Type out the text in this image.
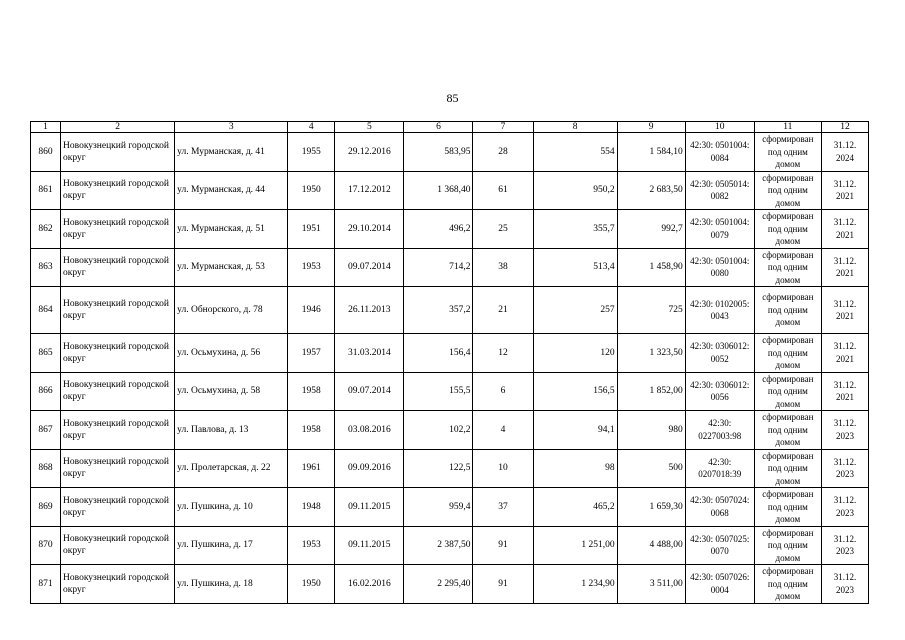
85
1	2	3	4	5	6	7	8	9	10	11	12
860	Новокузнецкий городской округ	ул. Мурманская, д. 41	1955	29.12.2016	583,95	28	554	1 584,10	42:30: 0501004: 0084	сформирован под одним домом	31.12. 2024
861	Новокузнецкий городской округ	ул. Мурманская, д. 44	1950	17.12.2012	1 368,40	61	950,2	2 683,50	42:30: 0505014: 0082	сформирован под одним домом	31.12. 2021
862	Новокузнецкий городской округ	ул. Мурманская, д. 51	1951	29.10.2014	496,2	25	355,7	992,7	42:30: 0501004: 0079	сформирован под одним домом	31.12. 2021
863	Новокузнецкий городской округ	ул. Мурманская, д. 53	1953	09.07.2014	714,2	38	513,4	1 458,90	42:30: 0501004: 0080	сформирован под одним домом	31.12. 2021
864	Новокузнецкий городской округ	ул. Обнорского, д. 78	1946	26.11.2013	357,2	21	257	725	42:30: 0102005: 0043	сформирован под одним домом	31.12. 2021
865	Новокузнецкий городской округ	ул. Осьмухина, д. 56	1957	31.03.2014	156,4	12	120	1 323,50	42:30: 0306012: 0052	сформирован под одним домом	31.12. 2021
866	Новокузнецкий городской округ	ул. Осьмухина, д. 58	1958	09.07.2014	155,5	6	156,5	1 852,00	42:30: 0306012: 0056	сформирован под одним домом	31.12. 2021
867	Новокузнецкий городской округ	ул. Павлова, д. 13	1958	03.08.2016	102,2	4	94,1	980	42:30: 0227003:98	сформирован под одним домом	31.12. 2023
868	Новокузнецкий городской округ	ул. Пролетарская, д. 22	1961	09.09.2016	122,5	10	98	500	42:30: 0207018:39	сформирован под одним домом	31.12. 2023
869	Новокузнецкий городской округ	ул. Пушкина, д. 10	1948	09.11.2015	959,4	37	465,2	1 659,30	42:30: 0507024: 0068	сформирован под одним домом	31.12. 2023
870	Новокузнецкий городской округ	ул. Пушкина, д. 17	1953	09.11.2015	2 387,50	91	1 251,00	4 488,00	42:30: 0507025: 0070	сформирован под одним домом	31.12. 2023
871	Новокузнецкий городской округ	ул. Пушкина, д. 18	1950	16.02.2016	2 295,40	91	1 234,90	3 511,00	42:30: 0507026: 0004	сформирован под одним домом	31.12. 2023
